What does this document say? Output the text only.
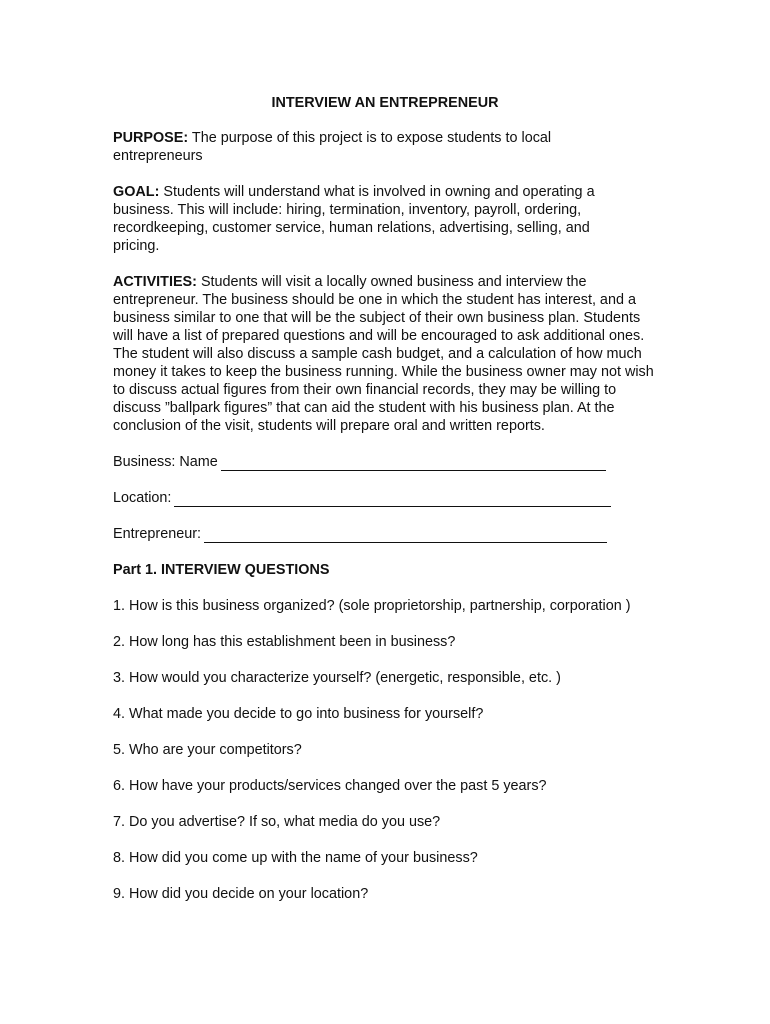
INTERVIEW AN ENTREPRENEUR

PURPOSE: The purpose of this project is to expose students to local entrepreneurs

GOAL: Students will understand what is involved in owning and operating a business. This will include: hiring, termination, inventory, payroll, ordering, recordkeeping, customer service, human relations, advertising, selling, and pricing.

ACTIVITIES: Students will visit a locally owned business and interview the entrepreneur. The business should be one in which the student has interest, and a business similar to one that will be the subject of their own business plan. Students will have a list of prepared questions and will be encouraged to ask additional ones. The student will also discuss a sample cash budget, and a calculation of how much money it takes to keep the business running. While the business owner may not wish to discuss actual figures from their own financial records, they may be willing to discuss ”ballpark figures” that can aid the student with his business plan. At the conclusion of the visit, students will prepare oral and written reports.

Business: Name
Location:
Entrepreneur:
Part 1. INTERVIEW QUESTIONS
1. How is this business organized? (sole proprietorship, partnership, corporation )
2. How long has this establishment been in business?
3. How would you characterize yourself? (energetic, responsible, etc. )
4. What made you decide to go into business for yourself?
5. Who are your competitors?
6. How have your products/services changed over the past 5 years?
7. Do you advertise? If so, what media do you use?
8. How did you come up with the name of your business?
9. How did you decide on your location?
